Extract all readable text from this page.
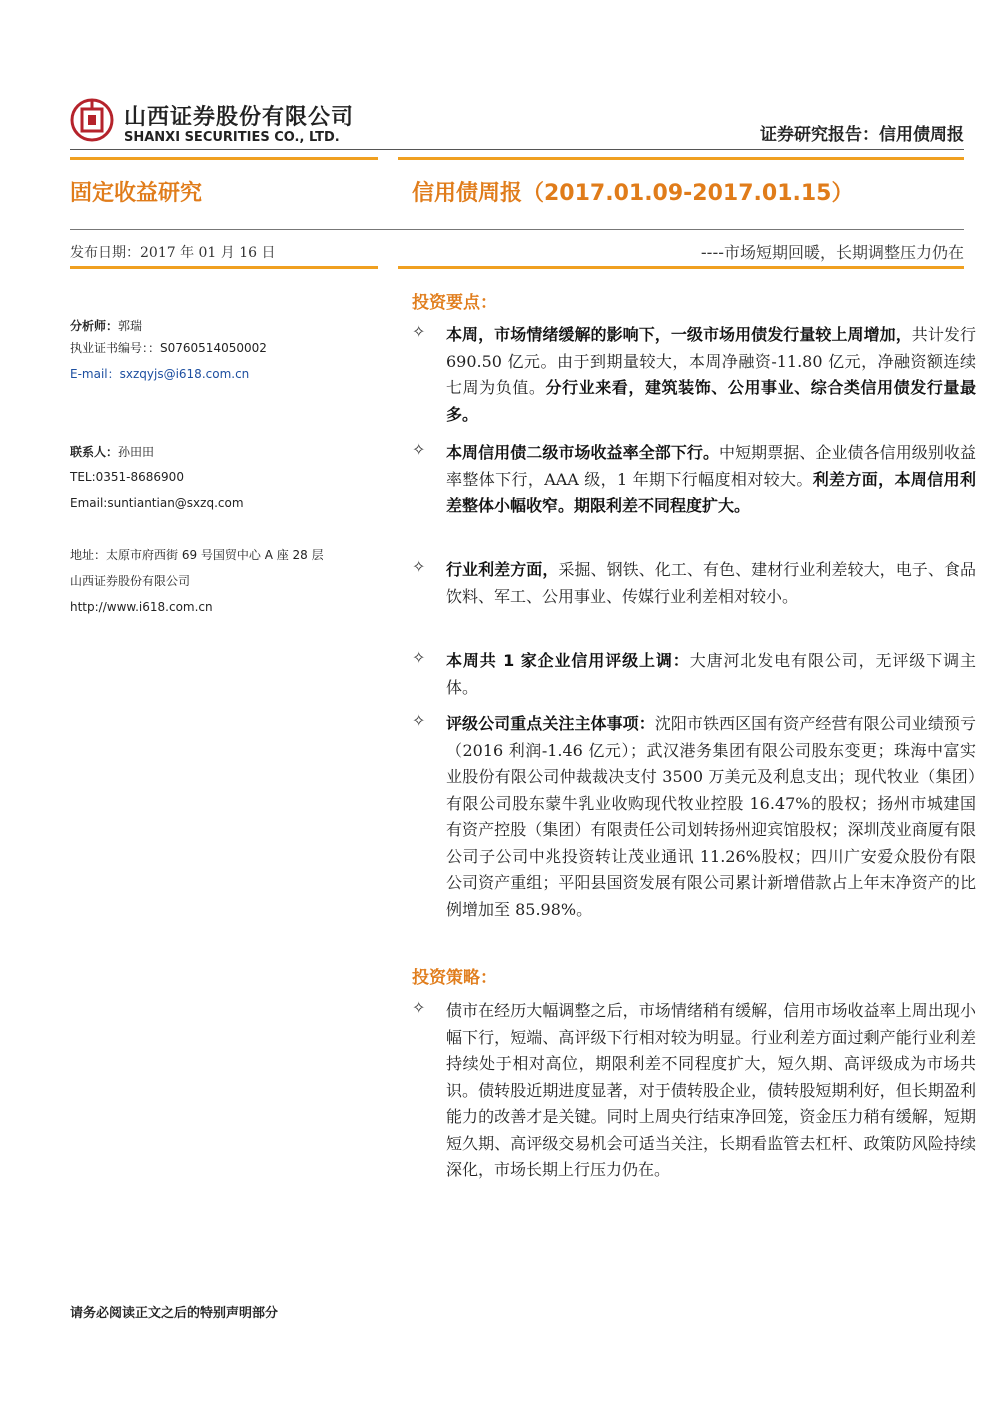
山西证券股份有限公司
SHANXI SECURITIES CO., LTD.	证券研究报告：信用债周报
固定收益研究	信用债周报（2017.01.09-2017.01.15）
发布日期：2017 年 01 月 16 日	----市场短期回暖，长期调整压力仍在
分析师：郭瑞
执业证书编号：：S0760514050002
E-mail：sxzqyjs@i618.com.cn
联系人：孙田田
TEL:0351-8686900
Email:suntiantian@sxzq.com
地址：太原市府西街 69 号国贸中心 A 座 28 层
山西证券股份有限公司
http://www.i618.com.cn
投资要点：
✧	本周，市场情绪缓解的影响下，一级市场用债发行量较上周增加，共计发行 690.50 亿元。由于到期量较大，本周净融资-11.80 亿元，净融资额连续七周为负值。分行业来看，建筑装饰、公用事业、综合类信用债发行量最多。
✧	本周信用债二级市场收益率全部下行。中短期票据、企业债各信用级别收益率整体下行，AAA 级，1 年期下行幅度相对较大。利差方面，本周信用利差整体小幅收窄。期限利差不同程度扩大。
✧	行业利差方面，采掘、钢铁、化工、有色、建材行业利差较大，电子、食品饮料、军工、公用事业、传媒行业利差相对较小。
✧	本周共 1 家企业信用评级上调：大唐河北发电有限公司，无评级下调主体。
✧	评级公司重点关注主体事项：沈阳市铁西区国有资产经营有限公司业绩预亏（2016 利润-1.46 亿元）；武汉港务集团有限公司股东变更；珠海中富实业股份有限公司仲裁裁决支付 3500 万美元及利息支出；现代牧业（集团）有限公司股东蒙牛乳业收购现代牧业控股 16.47%的股权；扬州市城建国有资产控股（集团）有限责任公司划转扬州迎宾馆股权；深圳茂业商厦有限公司子公司中兆投资转让茂业通讯 11.26%股权；四川广安爱众股份有限公司资产重组；平阳县国资发展有限公司累计新增借款占上年末净资产的比例增加至 85.98%。
投资策略：
✧	债市在经历大幅调整之后，市场情绪稍有缓解，信用市场收益率上周出现小幅下行，短端、高评级下行相对较为明显。行业利差方面过剩产能行业利差持续处于相对高位，期限利差不同程度扩大，短久期、高评级成为市场共识。债转股近期进度显著，对于债转股企业，债转股短期利好，但长期盈利能力的改善才是关键。同时上周央行结束净回笼，资金压力稍有缓解，短期短久期、高评级交易机会可适当关注，长期看监管去杠杆、政策防风险持续深化，市场长期上行压力仍在。
请务必阅读正文之后的特别声明部分
